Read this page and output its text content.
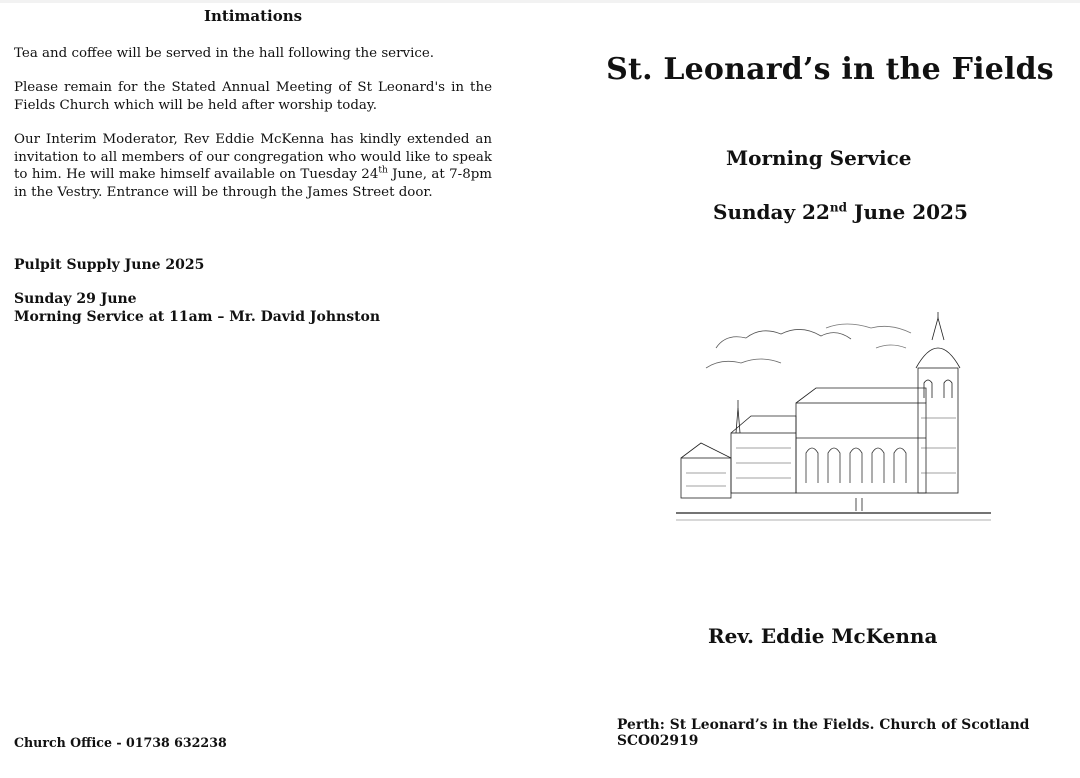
Intimations

Tea and coffee will be served in the hall following the service.

Please remain for the Stated Annual Meeting of St Leonard's in the Fields Church which will be held after worship today.

Our Interim Moderator, Rev Eddie McKenna has kindly extended an invitation to all members of our congregation who would like to speak to him. He will make himself available on Tuesday 24th June, at 7-8pm in the Vestry. Entrance will be through the James Street door.

Pulpit Supply June 2025
Sunday 29 June
Morning Service at 11am – Mr. David Johnston
Church Office - 01738 632238
St. Leonard’s in the Fields
Morning Service
Sunday 22nd June 2025
Rev. Eddie McKenna
Perth: St Leonard’s in the Fields. Church of Scotland SCO02919
